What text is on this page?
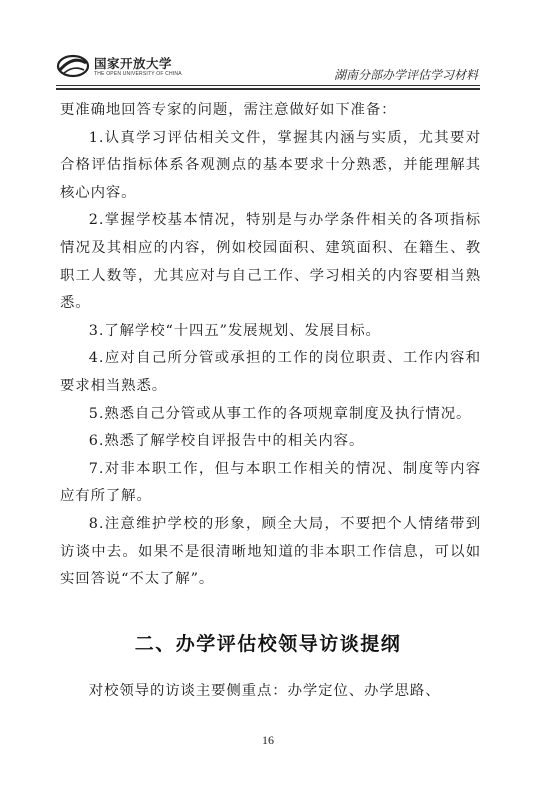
国家开放大学
THE OPEN UNIVERSITY OF CHINA	湖南分部办学评估学习材料

更准确地回答专家的问题，需注意做好如下准备：

1.认真学习评估相关文件，掌握其内涵与实质，尤其要对合格评估指标体系各观测点的基本要求十分熟悉，并能理解其核心内容。

2.掌握学校基本情况，特别是与办学条件相关的各项指标情况及其相应的内容，例如校园面积、建筑面积、在籍生、教职工人数等，尤其应对与自己工作、学习相关的内容要相当熟悉。

3.了解学校“十四五”发展规划、发展目标。

4.应对自己所分管或承担的工作的岗位职责、工作内容和要求相当熟悉。

5.熟悉自己分管或从事工作的各项规章制度及执行情况。

6.熟悉了解学校自评报告中的相关内容。

7.对非本职工作，但与本职工作相关的情况、制度等内容应有所了解。

8.注意维护学校的形象，顾全大局，不要把个人情绪带到访谈中去。如果不是很清晰地知道的非本职工作信息，可以如实回答说“不太了解”。

二、办学评估校领导访谈提纲

对校领导的访谈主要侧重点：办学定位、办学思路、

16
